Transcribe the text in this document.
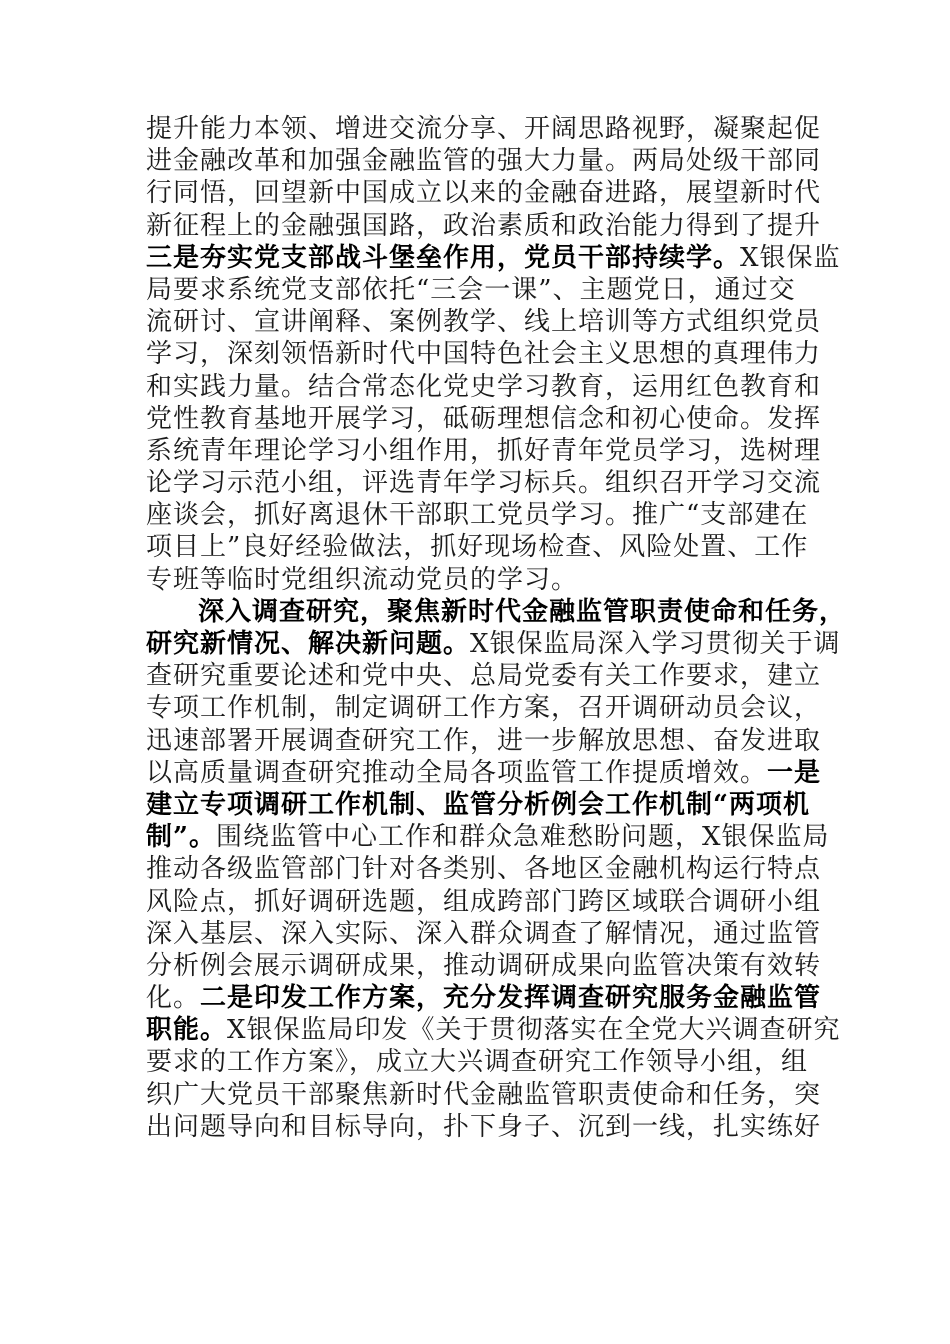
提升能力本领、增进交流分享、开阔思路视野，凝聚起促
进金融改革和加强金融监管的强大力量。两局处级干部同
行同悟，回望新中国成立以来的金融奋进路，展望新时代
新征程上的金融强国路，政治素质和政治能力得到了提升
三是夯实党支部战斗堡垒作用，党员干部持续学。X银保监
局要求系统党支部依托“三会一课”、主题党日，通过交
流研讨、宣讲阐释、案例教学、线上培训等方式组织党员
学习，深刻领悟新时代中国特色社会主义思想的真理伟力
和实践力量。结合常态化党史学习教育，运用红色教育和
党性教育基地开展学习，砥砺理想信念和初心使命。发挥
系统青年理论学习小组作用，抓好青年党员学习，选树理
论学习示范小组，评选青年学习标兵。组织召开学习交流
座谈会，抓好离退休干部职工党员学习。推广“支部建在
项目上”良好经验做法，抓好现场检查、风险处置、工作
专班等临时党组织流动党员的学习。
深入调查研究，聚焦新时代金融监管职责使命和任务，
研究新情况、解决新问题。X银保监局深入学习贯彻关于调
查研究重要论述和党中央、总局党委有关工作要求，建立
专项工作机制，制定调研工作方案，召开调研动员会议，
迅速部署开展调查研究工作，进一步解放思想、奋发进取
以高质量调查研究推动全局各项监管工作提质增效。一是
建立专项调研工作机制、监管分析例会工作机制“两项机
制”。围绕监管中心工作和群众急难愁盼问题，X银保监局
推动各级监管部门针对各类别、各地区金融机构运行特点
风险点，抓好调研选题，组成跨部门跨区域联合调研小组
深入基层、深入实际、深入群众调查了解情况，通过监管
分析例会展示调研成果，推动调研成果向监管决策有效转
化。二是印发工作方案，充分发挥调查研究服务金融监管
职能。X银保监局印发《关于贯彻落实在全党大兴调查研究
要求的工作方案》，成立大兴调查研究工作领导小组，组
织广大党员干部聚焦新时代金融监管职责使命和任务，突
出问题导向和目标导向，扑下身子、沉到一线，扎实练好
